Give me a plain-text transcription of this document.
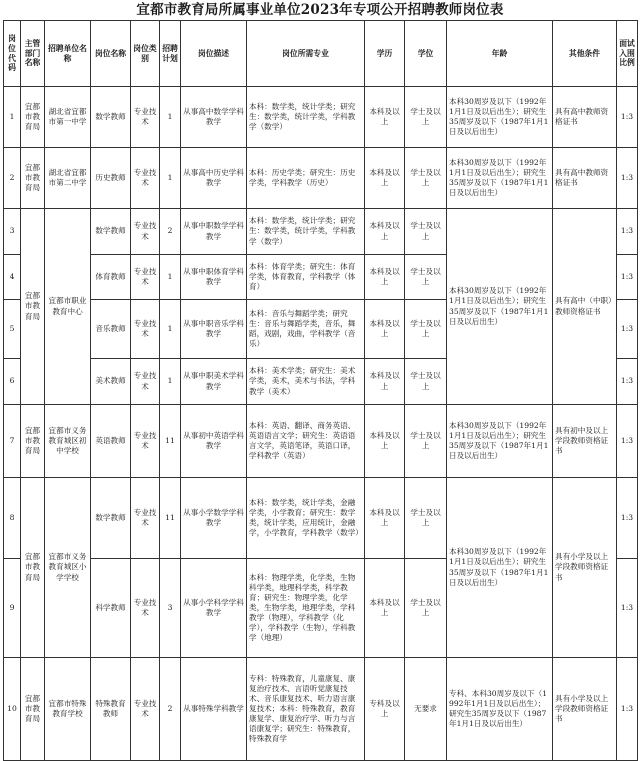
宜都市教育局所属事业单位2023年专项公开招聘教师岗位表
岗位代码	主管部门名称	招聘单位名称	岗位名称	岗位类别	招聘计划	岗位描述	岗位所需专业	学历	学位	年龄	其他条件	面试入围比例
1	宜都市教育局	湖北省宜都市第一中学	数学教师	专业技术	1	从事高中数学学科教学	本科：数学类，统计学类；研究生：数学类，统计学类，学科教学（数学）	本科及以上	学士及以上	本科30周岁及以下（1992年1月1日及以后出生）；研究生35周岁及以下（1987年1月1日及以后出生）	具有高中教师资格证书	1:3
2	宜都市教育局	湖北省宜都市第二中学	历史教师	专业技术	1	从事高中历史学科教学	本科：历史学类；研究生：历史学类，学科教学（历史）	本科及以上	学士及以上	本科30周岁及以下（1992年1月1日及以后出生）；研究生35周岁及以下（1987年1月1日及以后出生）	具有高中教师资格证书	1:3
3	宜都市教育局	宜都市职业教育中心	数学教师	专业技术	2	从事中职数学学科教学	本科：数学类，统计学类；研究生：数学类，统计学类，学科教学（数学）	本科及以上	学士及以上	本科30周岁及以下（1992年1月1日及以后出生）；研究生35周岁及以下（1987年1月1日及以后出生）	具有高中（中职）教师资格证书	1:3
4			体育教师	专业技术	1	从事中职体育学科教学	本科：体育学类；研究生：体育学类，体育教育，学科教学（体育）	本科及以上	学士及以上			1:3
5			音乐教师	专业技术	1	从事中职音乐学科教学	本科：音乐与舞蹈学类；研究生：音乐与舞蹈学类，音乐，舞蹈，戏剧，戏曲，学科教学（音乐）	本科及以上	学士及以上			1:3
6			美术教师	专业技术	1	从事中职美术学科教学	本科：美术学类；研究生：美术学类，美术，美术与书法，学科教学（美术）	本科及以上	学士及以上			1:3
7	宜都市教育局	宜都市义务教育城区初中学校	英语教师	专业技术	11	从事初中英语学科教学	本科：英语、翻译、商务英语、英语语言文学；研究生：英语语言文学，英语笔译，英语口译，学科教学（英语）	本科及以上	学士及以上	本科30周岁及以下（1992年1月1日及以后出生）；研究生35周岁及以下（1987年1月1日及以后出生）	具有初中及以上学段教师资格证书	1:3
8	宜都市教育局	宜都市义务教育城区小学学校	数学教师	专业技术	11	从事小学数学学科教学	本科：数学类，统计学类，金融学类，小学教育；研究生：数学类，统计学类，应用统计，金融学，小学教育，学科教学（数学）	本科及以上	学士及以上	本科30周岁及以下（1992年1月1日及以后出生）；研究生35周岁及以下（1987年1月1日及以后出生）	具有小学及以上学段教师资格证书	1:3
9			科学教师	专业技术	3	从事小学科学学科教学	本科：物理学类，化学类，生物科学类，地理科学类，科学教育；研究生：物理学类，化学类，生物学类，地理学类，学科教学（物理），学科教学（化学），学科教学（生物），学科教学（地理）	本科及以上	学士及以上			1:3
10	宜都市教育局	宜都市特殊教育学校	特殊教育教师	专业技术	2	从事特殊学科教学	专科：特殊教育，儿童康复、康复治疗技术、言语听觉康复技术、音乐康复技术、听力语言康复技术；本科：特殊教育，教育康复学、康复治疗学、听力与言语康复学；研究生：特殊教育，特殊教育学	专科及以上	无要求	专科、本科30周岁及以下（1992年1月1日及以后出生）；研究生35周岁及以下（1987年1月1日及以后出生）	具有小学及以上学段教师资格证书	1:3
